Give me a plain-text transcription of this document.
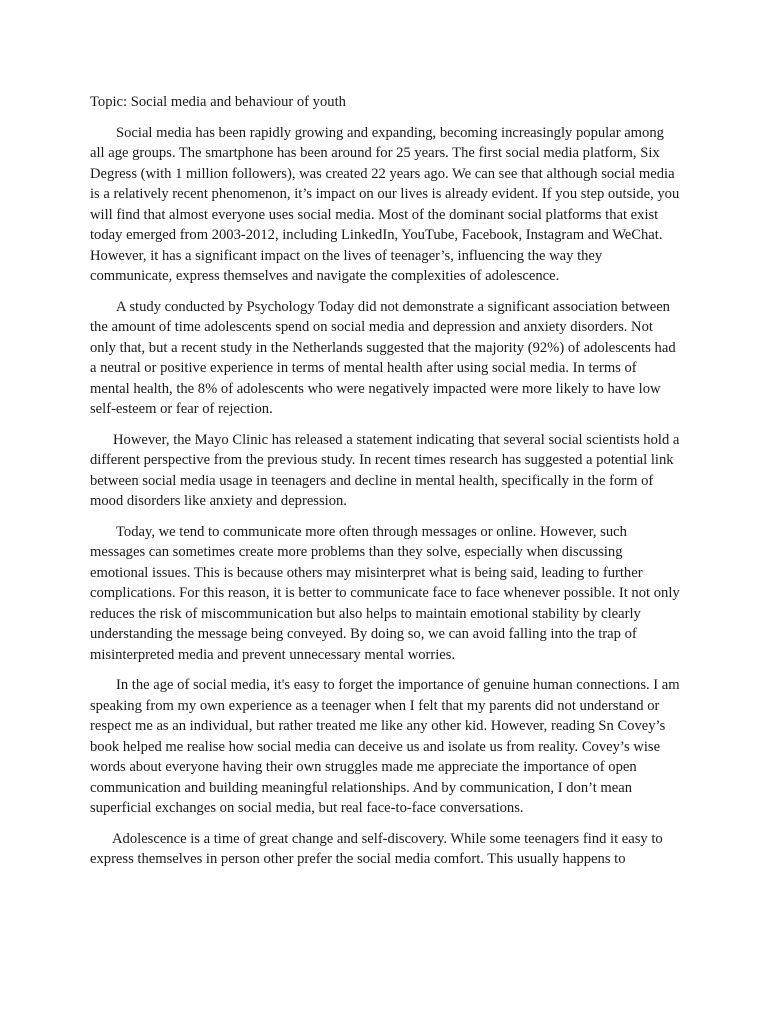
Topic: Social media and behaviour of youth

Social media has been rapidly growing and expanding, becoming increasingly popular among all age groups. The smartphone has been around for 25 years. The first social media platform, Six Degress (with 1 million followers), was created 22 years ago. We can see that although social media is a relatively recent phenomenon, it’s impact on our lives is already evident. If you step outside, you will find that almost everyone uses social media. Most of the dominant social platforms that exist today emerged from 2003-2012, including LinkedIn, YouTube, Facebook, Instagram and WeChat. However, it has a significant impact on the lives of teenager’s, influencing the way they communicate, express themselves and navigate the complexities of adolescence.

A study conducted by Psychology Today did not demonstrate a significant association between the amount of time adolescents spend on social media and depression and anxiety disorders. Not only that, but a recent study in the Netherlands suggested that the majority (92%) of adolescents had a neutral or positive experience in terms of mental health after using social media. In terms of mental health, the 8% of adolescents who were negatively impacted were more likely to have low self-esteem or fear of rejection.

However, the Mayo Clinic has released a statement indicating that several social scientists hold a different perspective from the previous study. In recent times research has suggested a potential link between social media usage in teenagers and decline in mental health, specifically in the form of mood disorders like anxiety and depression.

Today, we tend to communicate more often through messages or online. However, such messages can sometimes create more problems than they solve, especially when discussing emotional issues. This is because others may misinterpret what is being said, leading to further complications. For this reason, it is better to communicate face to face whenever possible. It not only reduces the risk of miscommunication but also helps to maintain emotional stability by clearly understanding the message being conveyed. By doing so, we can avoid falling into the trap of misinterpreted media and prevent unnecessary mental worries.

In the age of social media, it's easy to forget the importance of genuine human connections. I am speaking from my own experience as a teenager when I felt that my parents did not understand or respect me as an individual, but rather treated me like any other kid. However, reading Sn Covey’s book helped me realise how social media can deceive us and isolate us from reality. Covey’s wise words about everyone having their own struggles made me appreciate the importance of open communication and building meaningful relationships. And by communication, I don’t mean superficial exchanges on social media, but real face-to-face conversations.

Adolescence is a time of great change and self-discovery. While some teenagers find it easy to express themselves in person other prefer the social media comfort. This usually happens to
